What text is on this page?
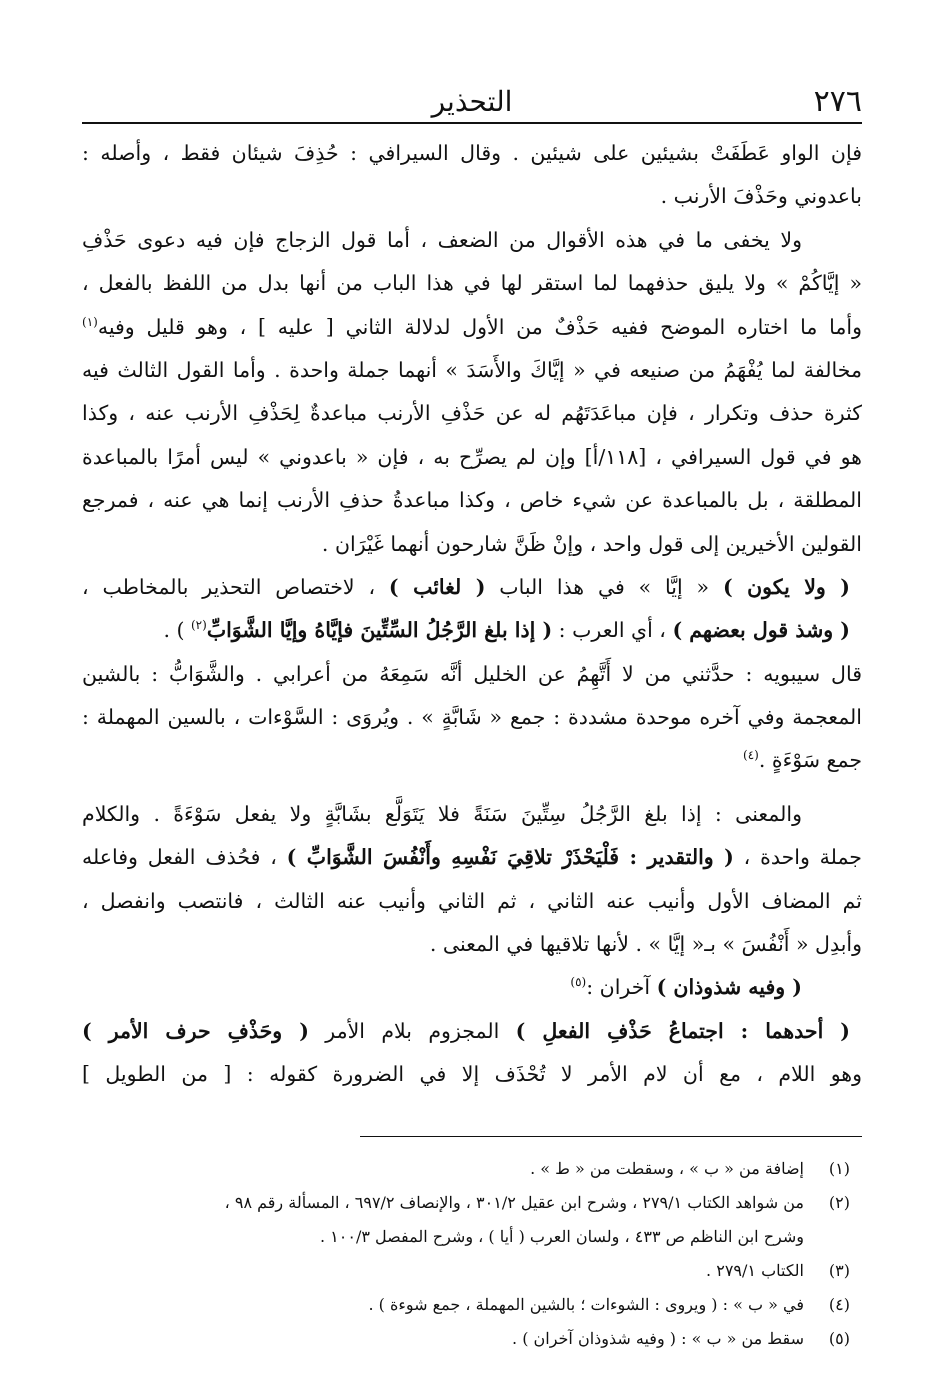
٢٧٦
التحذير
فإن الواو عَطَفَتْ بشيئين على شيئين . وقال السيرافي : حُذِفَ شيئان فقط ، وأصله :
باعدوني وحَذْفَ الأرنب .
ولا يخفى ما في هذه الأقوال من الضعف ، أما قول الزجاج فإن فيه دعوى حَذْفِ
« إيَّاكُمْ » ولا يليق حذفهما لما استقر لها في هذا الباب من أنها بدل من اللفظ بالفعل ،
وأما ما اختاره الموضح ففيه حَذْفٌ من الأول لدلالة الثاني [ عليه ] ، وهو قليل وفيه$^{(١)}$
مخالفة لما يُفْهَمُ من صنيعه في « إيَّاكَ والأَسَدَ » أنهما جملة واحدة . وأما القول الثالث فيه
كثرة حذف وتكرار ، فإن مباعَدَتَهُم له عن حَذْفِ الأرنب مباعدةٌ لِحَذْفِ الأرنب عنه ، وكذا
هو في قول السيرافي ، [١١٨/أ] وإن لم يصرِّح به ، فإن « باعدوني » ليس أمرًا بالمباعدة
المطلقة ، بل بالمباعدة عن شيء خاص ، وكذا مباعدةُ حذفِ الأرنب إنما هي عنه ، فمرجع
القولين الأخيرين إلى قول واحد ، وإنْ ظَنَّ شارحون أنهما غَيْرَان .
( ولا يكون ) « إيَّا » في هذا الباب ( لغائب ) ، لاختصاص التحذير بالمخاطب ،
( وشذ قول بعضهم ) ، أي العرب : ( إذا بلغ الرَّجُلُ السِّتِّينَ فإيَّاهُ وإيَّا الشَّوَابِّ$^{(٢)}$ ) .
قال سيبويه : حدَّثني من لا أَتَّهِمُ عن الخليل أنَّه سَمِعَهُ من أعرابي . والشَّوَابُّ : بالشين
المعجمة وفي آخره موحدة مشددة : جمع « شَابَّةٍ » . ويُروَى : السَّوْءات ، بالسين المهملة :
جمع سَوْءَةٍ .$^{(٤)}$
والمعنى : إذا بلغ الرَّجُلُ سِتِّينَ سَنَةً فلا يَتَوَلَّع بشَابَّةٍ ولا يفعل سَوْءَةً . والكلام
جملة واحدة ، ( والتقدير : فَلْيَحْذَرْ تلاقِيَ نَفْسِهِ وأَنْفُسَ الشَّوَابِّ ) ، فحُذف الفعل وفاعله
ثم المضاف الأول وأنيب عنه الثاني ، ثم الثاني وأنيب عنه الثالث ، فانتصب وانفصل ،
وأبدِل « أَنْفُسَ » بـ« إيَّا » . لأنها تلاقيها في المعنى .
( وفيه شذوذان ) آخران :$^{(٥)}$
( أحدهما : اجتماعُ حَذْفِ الفعلِ ) المجزوم بلام الأمر ( وحَذْفِ حرف الأمر )
وهو اللام ، مع أن لام الأمر لا تُحْذَف إلا في الضرورة كقوله : [ من الطويل ]
(١)
إضافة من « ب » ، وسقطت من « ط » .
(٢)
من شواهد الكتاب ٢٧٩/١ ، وشرح ابن عقيل ٣٠١/٢ ، والإنصاف ٦٩٧/٢ ، المسألة رقم ٩٨ ،
وشرح ابن الناظم ص ٤٣٣ ، ولسان العرب ( أيا ) ، وشرح المفصل ١٠٠/٣ .
(٣)
الكتاب ٢٧٩/١ .
(٤)
في « ب » : ( ويروى : الشوءات ؛ بالشين المهملة ، جمع شوءة ) .
(٥)
سقط من « ب » : ( وفيه شذوذان آخران ) .
